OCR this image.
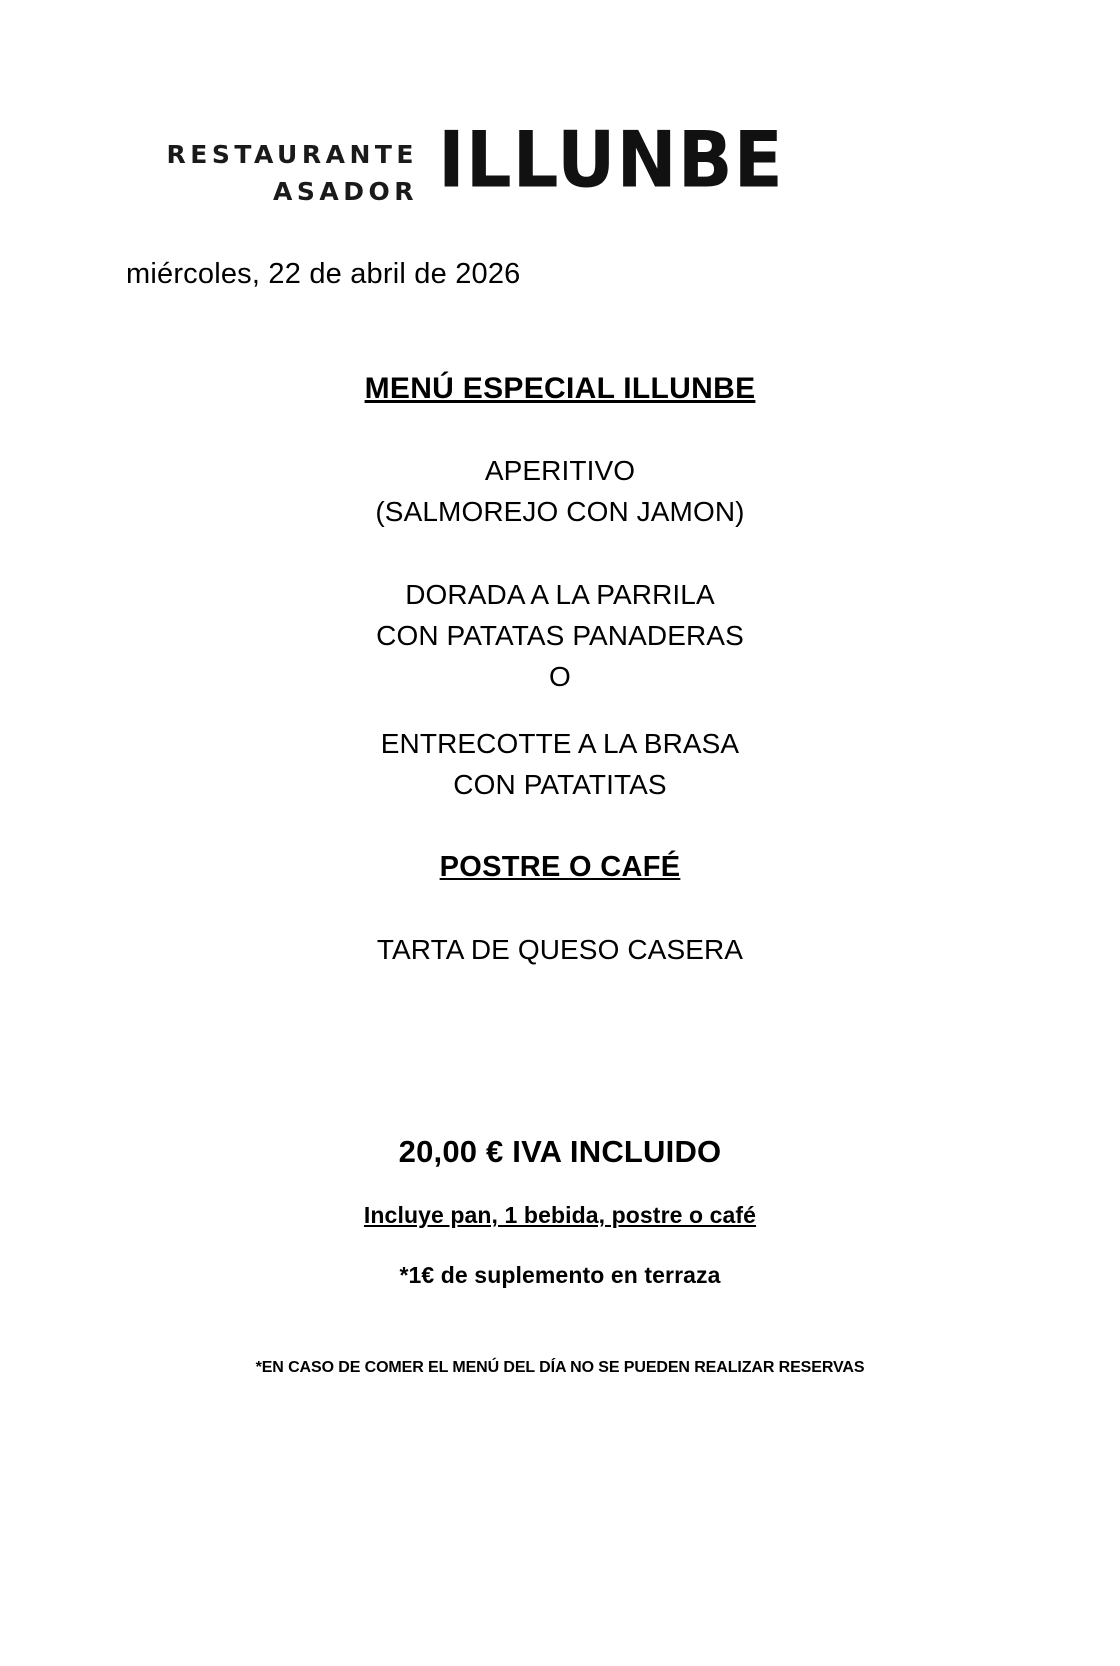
RESTAURANTE
ASADOR ILLUNBE
miércoles, 22 de abril de 2026
MENÚ ESPECIAL ILLUNBE
APERITIVO
(SALMOREJO CON JAMON)
DORADA A LA PARRILA
CON PATATAS PANADERAS
O
ENTRECOTTE A LA BRASA
CON PATATITAS
POSTRE O CAFÉ
TARTA DE QUESO CASERA
20,00 € IVA INCLUIDO
Incluye pan, 1 bebida, postre o café
*1€ de suplemento en terraza
*EN CASO DE COMER EL MENÚ DEL DÍA NO SE PUEDEN REALIZAR RESERVAS
